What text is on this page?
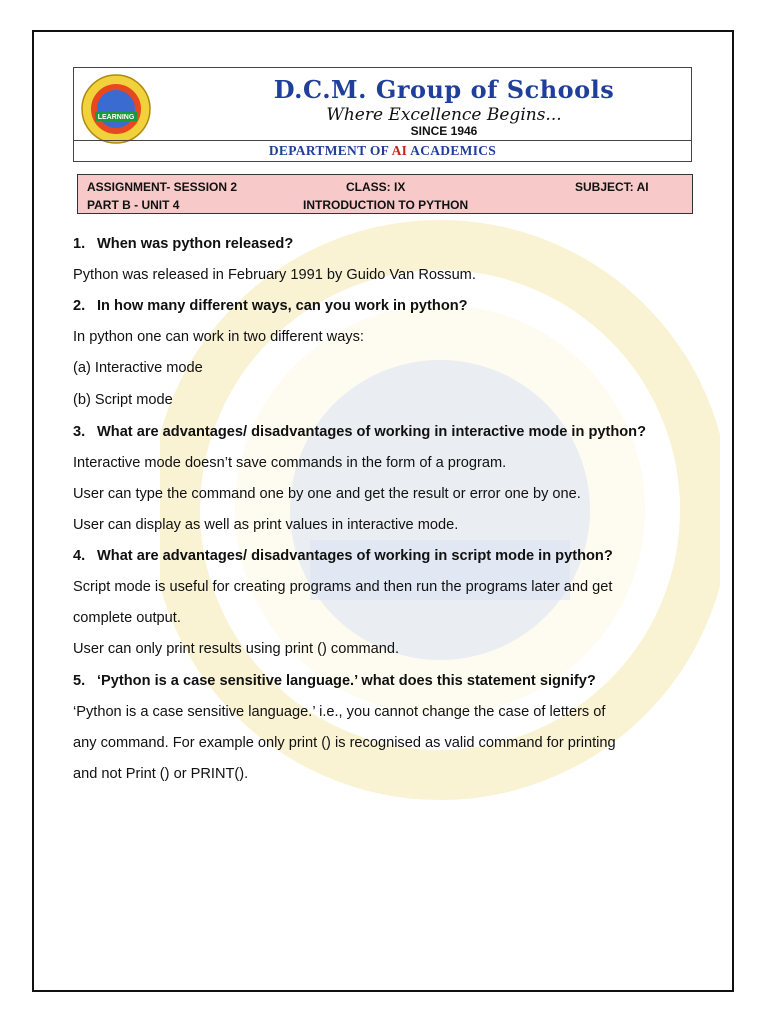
LEARNING
D.C.M. Group of Schools
Where Excellence Begins...
SINCE 1946
DEPARTMENT OF AI ACADEMICS
ASSIGNMENT- SESSION 2	CLASS: IX	SUBJECT: AI
PART B - UNIT 4	INTRODUCTION TO PYTHON
1. When was python released?
Python was released in February 1991 by Guido Van Rossum.
2. In how many different ways, can you work in python?
In python one can work in two different ways:
(a) Interactive mode
(b) Script mode
3. What are advantages/ disadvantages of working in interactive mode in python?
Interactive mode doesn’t save commands in the form of a program.
User can type the command one by one and get the result or error one by one.
User can display as well as print values in interactive mode.
4. What are advantages/ disadvantages of working in script mode in python?
Script mode is useful for creating programs and then run the programs later and get
complete output.
User can only print results using print () command.
5. ‘Python is a case sensitive language.’ what does this statement signify?
‘Python is a case sensitive language.’ i.e., you cannot change the case of letters of
any command. For example only print () is recognised as valid command for printing
and not Print () or PRINT().
